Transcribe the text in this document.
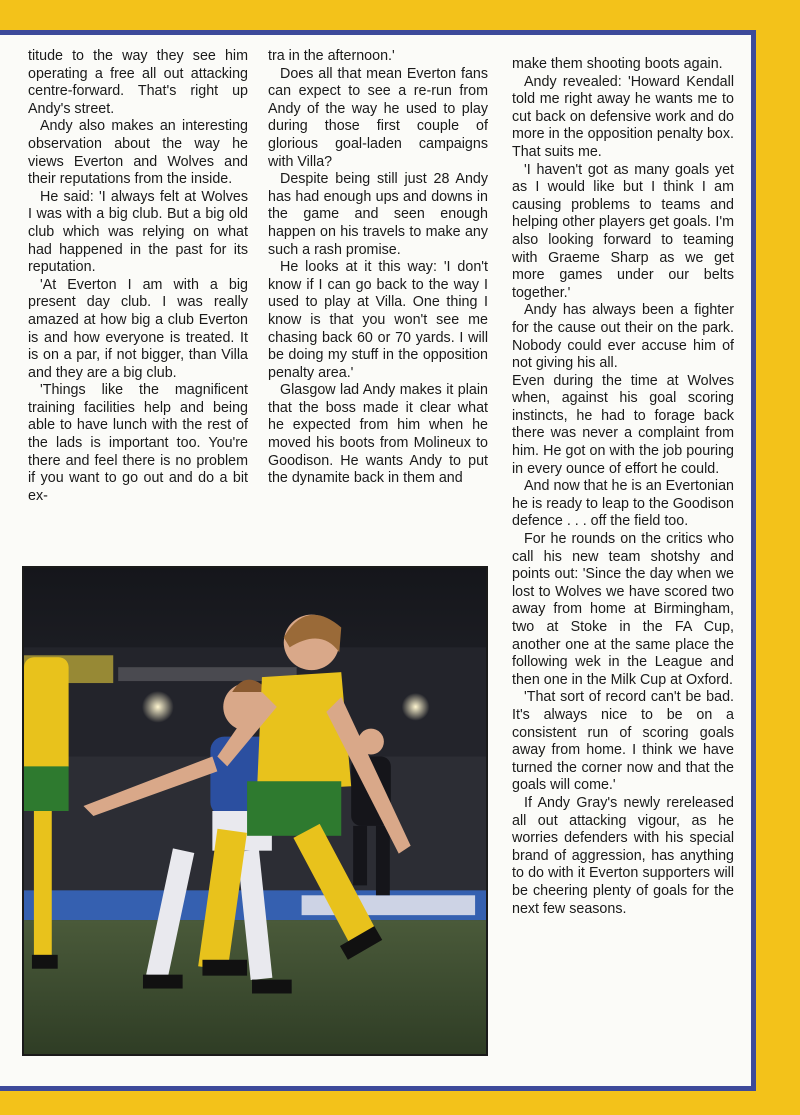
titude to the way they see him operating a free all out attacking centre-forward. That's right up Andy's street.

Andy also makes an interesting observation about the way he views Everton and Wolves and their reputations from the inside.

He said: 'I always felt at Wolves I was with a big club. But a big old club which was relying on what had happened in the past for its reputation.

'At Everton I am with a big present day club. I was really amazed at how big a club Everton is and how everyone is treated. It is on a par, if not bigger, than Villa and they are a big club.

'Things like the magnificent training facilities help and being able to have lunch with the rest of the lads is important too. You're there and feel there is no problem if you want to go out and do a bit ex-

tra in the afternoon.'

Does all that mean Everton fans can expect to see a re-run from Andy of the way he used to play during those first couple of glorious goal-laden campaigns with Villa?

Despite being still just 28 Andy has had enough ups and downs in the game and seen enough happen on his travels to make any such a rash promise.

He looks at it this way: 'I don't know if I can go back to the way I used to play at Villa. One thing I know is that you won't see me chasing back 60 or 70 yards. I will be doing my stuff in the opposition penalty area.'

Glasgow lad Andy makes it plain that the boss made it clear what he expected from him when he moved his boots from Molineux to Goodison. He wants Andy to put the dynamite back in them and

make them shooting boots again.

Andy revealed: 'Howard Kendall told me right away he wants me to cut back on defensive work and do more in the opposition penalty box. That suits me.

'I haven't got as many goals yet as I would like but I think I am causing problems to teams and helping other players get goals. I'm also looking forward to teaming with Graeme Sharp as we get more games under our belts together.'

Andy has always been a fighter for the cause out their on the park. Nobody could ever accuse him of not giving his all.

Even during the time at Wolves when, against his goal scoring instincts, he had to forage back there was never a complaint from him. He got on with the job pouring in every ounce of effort he could.

And now that he is an Evertonian he is ready to leap to the Goodison defence . . . off the field too.

For he rounds on the critics who call his new team shotshy and points out: 'Since the day when we lost to Wolves we have scored two away from home at Birmingham, two at Stoke in the FA Cup, another one at the same place the following wek in the League and then one in the Milk Cup at Oxford.

'That sort of record can't be bad. It's always nice to be on a consistent run of scoring goals away from home. I think we have turned the corner now and that the goals will come.'

If Andy Gray's newly rereleased all out attacking vigour, as he worries defenders with his special brand of aggression, has anything to do with it Everton supporters will be cheering plenty of goals for the next few seasons.
